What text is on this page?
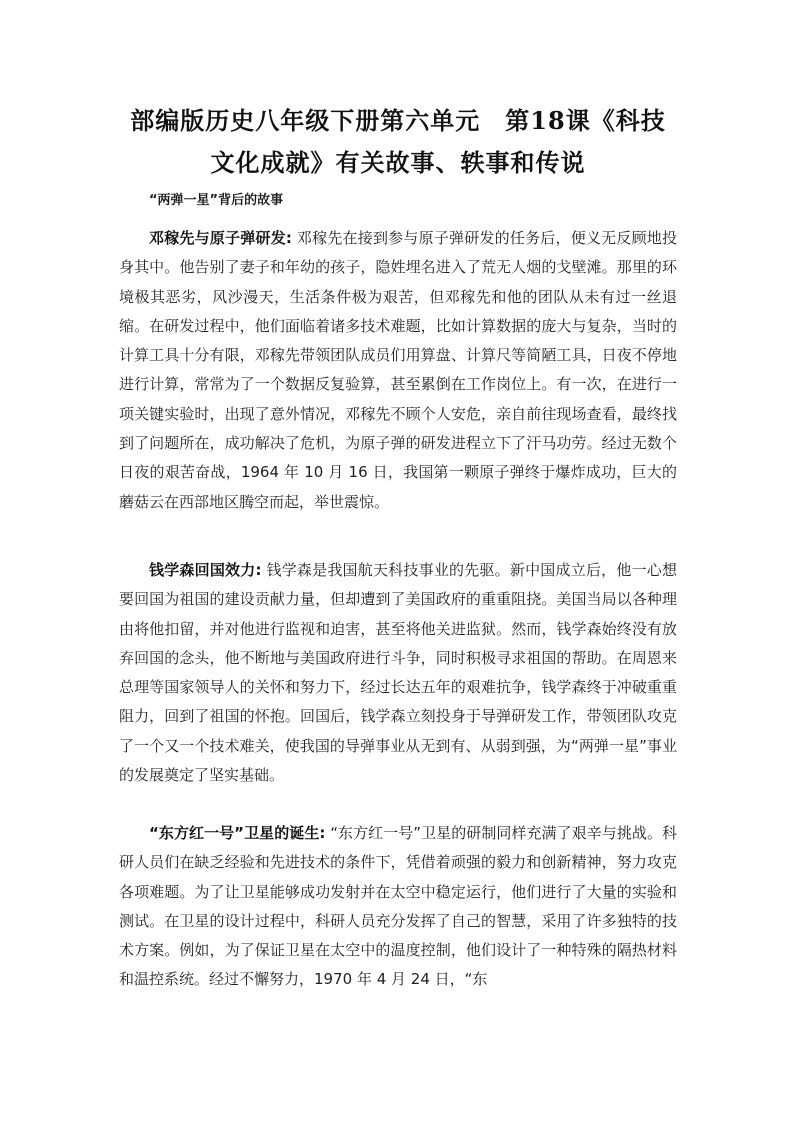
部编版历史八年级下册第六单元　第18课《科技文化成就》有关故事、轶事和传说

“两弹一星”背后的故事

邓稼先与原子弹研发: 邓稼先在接到参与原子弹研发的任务后，便义无反顾地投身其中。他告别了妻子和年幼的孩子，隐姓埋名进入了荒无人烟的戈壁滩。那里的环境极其恶劣，风沙漫天，生活条件极为艰苦，但邓稼先和他的团队从未有过一丝退缩。在研发过程中，他们面临着诸多技术难题，比如计算数据的庞大与复杂，当时的计算工具十分有限，邓稼先带领团队成员们用算盘、计算尺等简陋工具，日夜不停地进行计算，常常为了一个数据反复验算，甚至累倒在工作岗位上。有一次，在进行一项关键实验时，出现了意外情况，邓稼先不顾个人安危，亲自前往现场查看，最终找到了问题所在，成功解决了危机，为原子弹的研发进程立下了汗马功劳。经过无数个日夜的艰苦奋战，1964 年 10 月 16 日，我国第一颗原子弹终于爆炸成功，巨大的蘑菇云在西部地区腾空而起，举世震惊。

钱学森回国效力: 钱学森是我国航天科技事业的先驱。新中国成立后，他一心想要回国为祖国的建设贡献力量，但却遭到了美国政府的重重阻挠。美国当局以各种理由将他扣留，并对他进行监视和迫害，甚至将他关进监狱。然而，钱学森始终没有放弃回国的念头，他不断地与美国政府进行斗争，同时积极寻求祖国的帮助。在周恩来总理等国家领导人的关怀和努力下，经过长达五年的艰难抗争，钱学森终于冲破重重阻力，回到了祖国的怀抱。回国后，钱学森立刻投身于导弹研发工作，带领团队攻克了一个又一个技术难关，使我国的导弹事业从无到有、从弱到强，为“两弹一星”事业的发展奠定了坚实基础。

“东方红一号”卫星的诞生: “东方红一号”卫星的研制同样充满了艰辛与挑战。科研人员们在缺乏经验和先进技术的条件下，凭借着顽强的毅力和创新精神，努力攻克各项难题。为了让卫星能够成功发射并在太空中稳定运行，他们进行了大量的实验和测试。在卫星的设计过程中，科研人员充分发挥了自己的智慧，采用了许多独特的技术方案。例如，为了保证卫星在太空中的温度控制，他们设计了一种特殊的隔热材料和温控系统。经过不懈努力，1970 年 4 月 24 日，“东
